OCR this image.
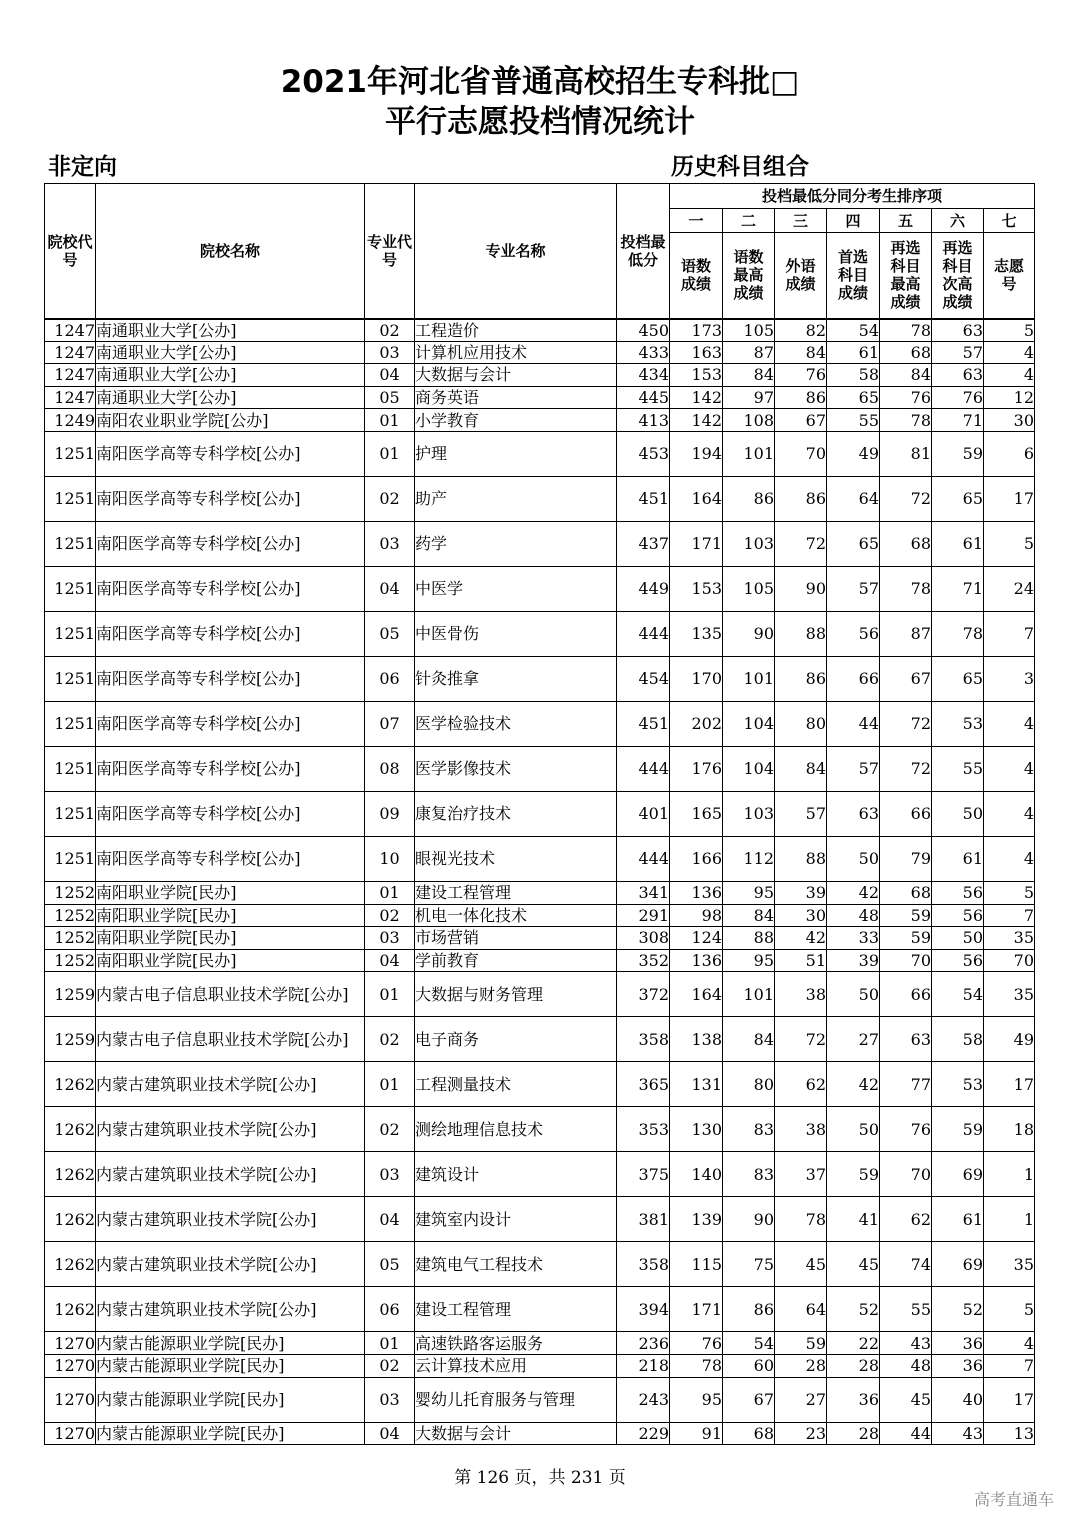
2021年河北省普通高校招生专科批□
平行志愿投档情况统计
非定向	历史科目组合
院校代号	院校名称	专业代号	专业名称	投档最低分	投档最低分同分考生排序项						
					一	二	三	四	五	六	七
					语数成绩	语数最高成绩	外语成绩	首选科目成绩	再选科目最高成绩	再选科目次高成绩	志愿号
1247	南通职业大学[公办]	02	工程造价	450	173	105	82	54	78	63	5
1247	南通职业大学[公办]	03	计算机应用技术	433	163	87	84	61	68	57	4
1247	南通职业大学[公办]	04	大数据与会计	434	153	84	76	58	84	63	4
1247	南通职业大学[公办]	05	商务英语	445	142	97	86	65	76	76	12
1249	南阳农业职业学院[公办]	01	小学教育	413	142	108	67	55	78	71	30
1251	南阳医学高等专科学校[公办]	01	护理	453	194	101	70	49	81	59	6
1251	南阳医学高等专科学校[公办]	02	助产	451	164	86	86	64	72	65	17
1251	南阳医学高等专科学校[公办]	03	药学	437	171	103	72	65	68	61	5
1251	南阳医学高等专科学校[公办]	04	中医学	449	153	105	90	57	78	71	24
1251	南阳医学高等专科学校[公办]	05	中医骨伤	444	135	90	88	56	87	78	7
1251	南阳医学高等专科学校[公办]	06	针灸推拿	454	170	101	86	66	67	65	3
1251	南阳医学高等专科学校[公办]	07	医学检验技术	451	202	104	80	44	72	53	4
1251	南阳医学高等专科学校[公办]	08	医学影像技术	444	176	104	84	57	72	55	4
1251	南阳医学高等专科学校[公办]	09	康复治疗技术	401	165	103	57	63	66	50	4
1251	南阳医学高等专科学校[公办]	10	眼视光技术	444	166	112	88	50	79	61	4
1252	南阳职业学院[民办]	01	建设工程管理	341	136	95	39	42	68	56	5
1252	南阳职业学院[民办]	02	机电一体化技术	291	98	84	30	48	59	56	7
1252	南阳职业学院[民办]	03	市场营销	308	124	88	42	33	59	50	35
1252	南阳职业学院[民办]	04	学前教育	352	136	95	51	39	70	56	70
1259	内蒙古电子信息职业技术学院[公办]	01	大数据与财务管理	372	164	101	38	50	66	54	35
1259	内蒙古电子信息职业技术学院[公办]	02	电子商务	358	138	84	72	27	63	58	49
1262	内蒙古建筑职业技术学院[公办]	01	工程测量技术	365	131	80	62	42	77	53	17
1262	内蒙古建筑职业技术学院[公办]	02	测绘地理信息技术	353	130	83	38	50	76	59	18
1262	内蒙古建筑职业技术学院[公办]	03	建筑设计	375	140	83	37	59	70	69	1
1262	内蒙古建筑职业技术学院[公办]	04	建筑室内设计	381	139	90	78	41	62	61	1
1262	内蒙古建筑职业技术学院[公办]	05	建筑电气工程技术	358	115	75	45	45	74	69	35
1262	内蒙古建筑职业技术学院[公办]	06	建设工程管理	394	171	86	64	52	55	52	5
1270	内蒙古能源职业学院[民办]	01	高速铁路客运服务	236	76	54	59	22	43	36	4
1270	内蒙古能源职业学院[民办]	02	云计算技术应用	218	78	60	28	28	48	36	7
1270	内蒙古能源职业学院[民办]	03	婴幼儿托育服务与管理	243	95	67	27	36	45	40	17
1270	内蒙古能源职业学院[民办]	04	大数据与会计	229	91	68	23	28	44	43	13
第 126 页，共 231 页
高考直通车
